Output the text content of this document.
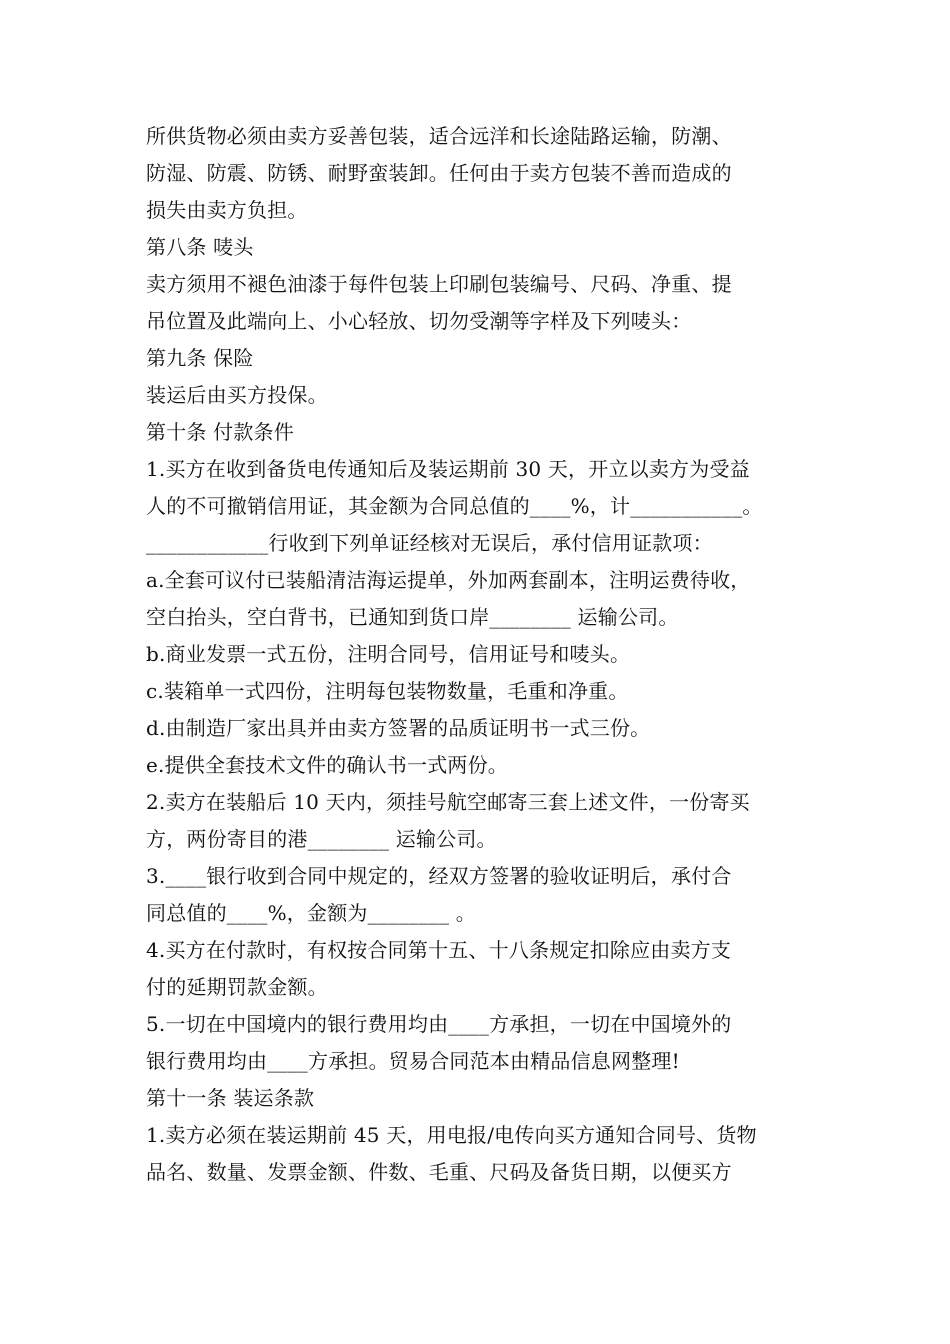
所供货物必须由卖方妥善包装，适合远洋和长途陆路运输，防潮、
防湿、防震、防锈、耐野蛮装卸。任何由于卖方包装不善而造成的
损失由卖方负担。
第八条 唛头
卖方须用不褪色油漆于每件包装上印刷包装编号、尺码、净重、提
吊位置及此端向上、小心轻放、切勿受潮等字样及下列唛头：
第九条 保险
装运后由买方投保。
第十条 付款条件
1.买方在收到备货电传通知后及装运期前 30 天，开立以卖方为受益
人的不可撤销信用证，其金额为合同总值的____%，计___________。
____________行收到下列单证经核对无误后，承付信用证款项：
a.全套可议付已装船清洁海运提单，外加两套副本，注明运费待收，
空白抬头，空白背书，已通知到货口岸________ 运输公司。
b.商业发票一式五份，注明合同号，信用证号和唛头。
c.装箱单一式四份，注明每包装物数量，毛重和净重。
d.由制造厂家出具并由卖方签署的品质证明书一式三份。
e.提供全套技术文件的确认书一式两份。
2.卖方在装船后 10 天内，须挂号航空邮寄三套上述文件，一份寄买
方，两份寄目的港________ 运输公司。
3.____银行收到合同中规定的，经双方签署的验收证明后，承付合
同总值的____%，金额为________ 。
4.买方在付款时，有权按合同第十五、十八条规定扣除应由卖方支
付的延期罚款金额。
5.一切在中国境内的银行费用均由____方承担，一切在中国境外的
银行费用均由____方承担。贸易合同范本由精品信息网整理!
第十一条 装运条款
1.卖方必须在装运期前 45 天，用电报/电传向买方通知合同号、货物
品名、数量、发票金额、件数、毛重、尺码及备货日期，以便买方
